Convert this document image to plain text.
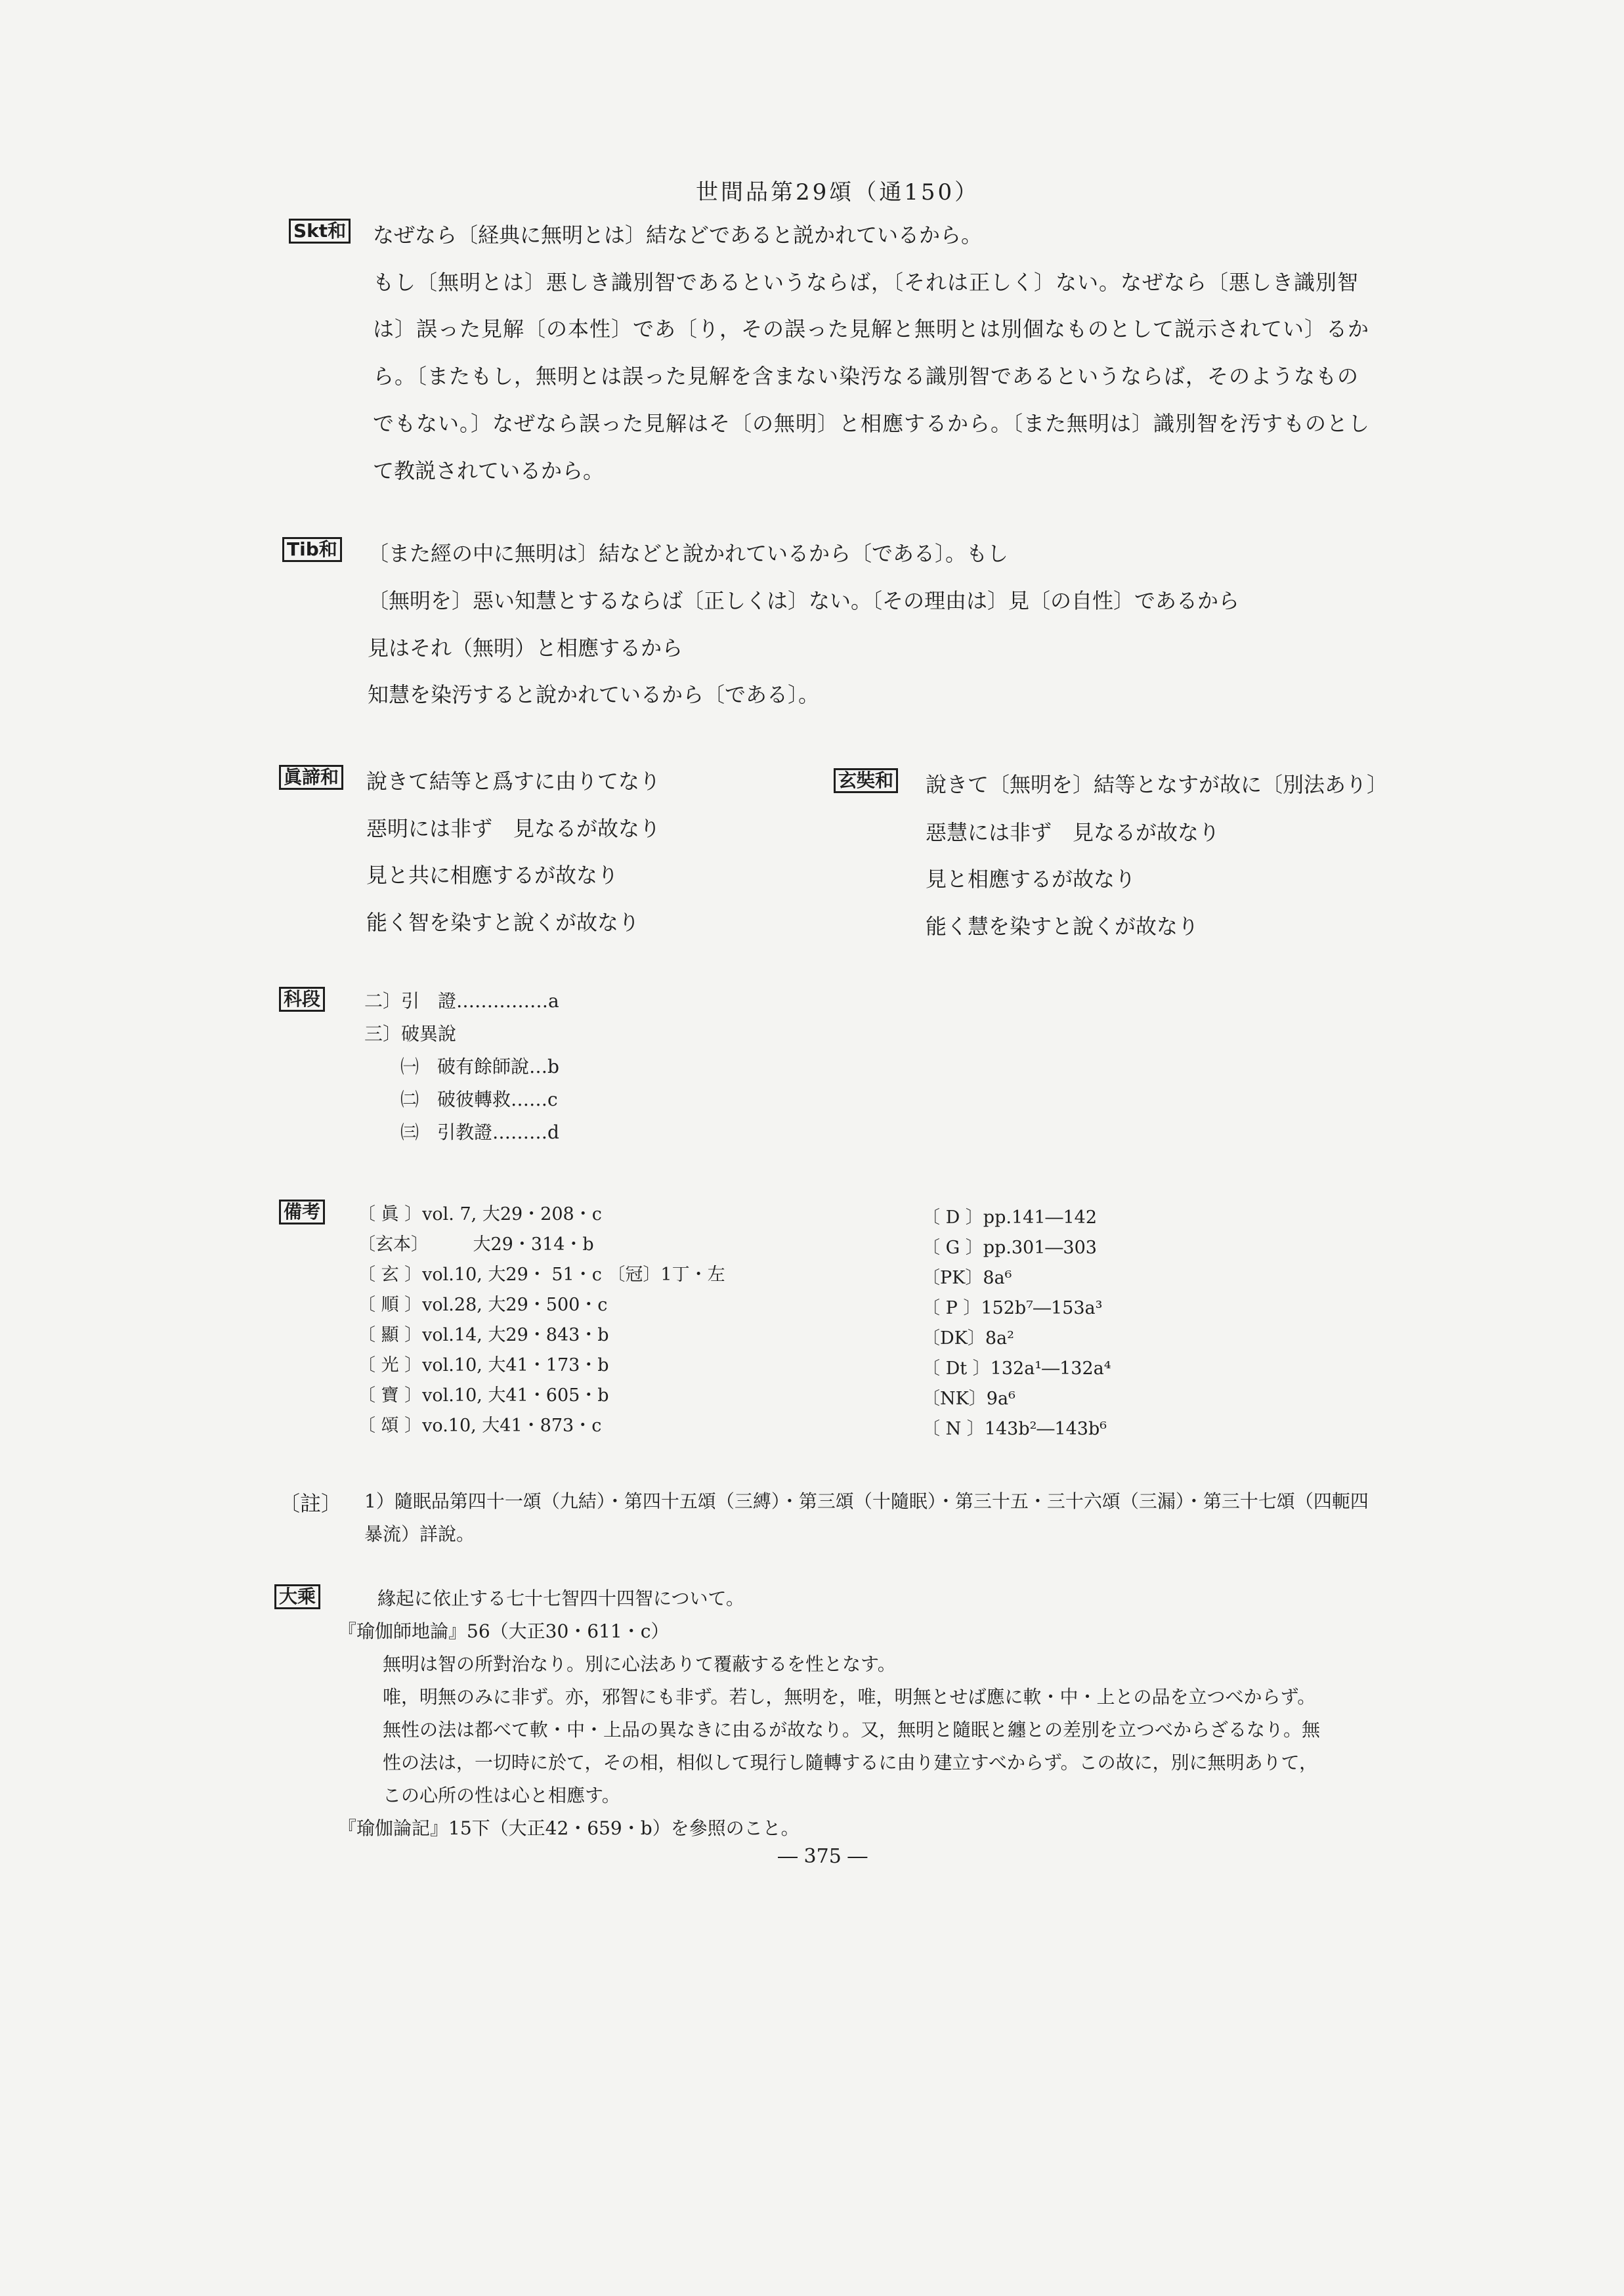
世間品第29頌（通150）
Skt和 なぜなら〔経典に無明とは〕結などであると説かれているから。
もし〔無明とは〕悪しき識別智であるというならば，〔それは正しく〕ない。なぜなら〔悪しき識別智
は〕誤った見解〔の本性〕であ〔り，その誤った見解と無明とは別個なものとして説示されてい〕るか
ら。〔またもし，無明とは誤った見解を含まない染汚なる識別智であるというならば，そのようなもの
でもない。〕なぜなら誤った見解はそ〔の無明〕と相應するから。〔また無明は〕識別智を汚すものとし
て教説されているから。
Tib和 〔また經の中に無明は〕結などと說かれているから〔である〕。もし
〔無明を〕惡い知慧とするならば〔正しくは〕ない。〔その理由は〕見〔の自性〕であるから
見はそれ（無明）と相應するから
知慧を染汚すると說かれているから〔である〕。
眞諦和 說きて結等と爲すに由りてなり
惡明には非ず　見なるが故なり
見と共に相應するが故なり
能く智を染すと說くが故なり
玄奘和 說きて〔無明を〕結等となすが故に〔別法あり〕
惡慧には非ず　見なるが故なり
見と相應するが故なり
能く慧を染すと說くが故なり
科段 二〕引　證……………a
三〕破異說
㈠　破有餘師說…b
㈡　破彼轉救……c
㈢　引教證………d
備考 〔 眞 〕vol. 7, 大29・208・c
〔玄本〕　　　大29・314・b
〔 玄 〕vol.10, 大29・ 51・c 〔冠〕1丁・左
〔 順 〕vol.28, 大29・500・c
〔 顯 〕vol.14, 大29・843・b
〔 光 〕vol.10, 大41・173・b
〔 寶 〕vol.10, 大41・605・b
〔 頌 〕vo.10, 大41・873・c
〔 D 〕pp.141―142
〔 G 〕pp.301―303
〔PK〕8a⁶
〔 P 〕152b⁷―153a³
〔DK〕8a²
〔 Dt 〕132a¹―132a⁴
〔NK〕9a⁶
〔 N 〕143b²―143b⁶
〔註〕 1）隨眠品第四十一頌（九結）・第四十五頌（三縛）・第三頌（十隨眠）・第三十五・三十六頌（三漏）・第三十七頌（四軛四
暴流）詳說。
大乘	緣起に依止する七十七智四十四智について。
『瑜伽師地論』56（大正30・611・c）
無明は智の所對治なり。別に心法ありて覆蔽するを性となす。
唯，明無のみに非ず。亦，邪智にも非ず。若し，無明を，唯，明無とせば應に軟・中・上との品を立つべからず。
無性の法は都べて軟・中・上品の異なきに由るが故なり。又，無明と隨眠と纏との差別を立つべからざるなり。無
性の法は，一切時に於て，その相，相似して現行し隨轉するに由り建立すべからず。この故に，別に無明ありて，
この心所の性は心と相應す。
『瑜伽論記』15下（大正42・659・b）を參照のこと。
― 375 ―
